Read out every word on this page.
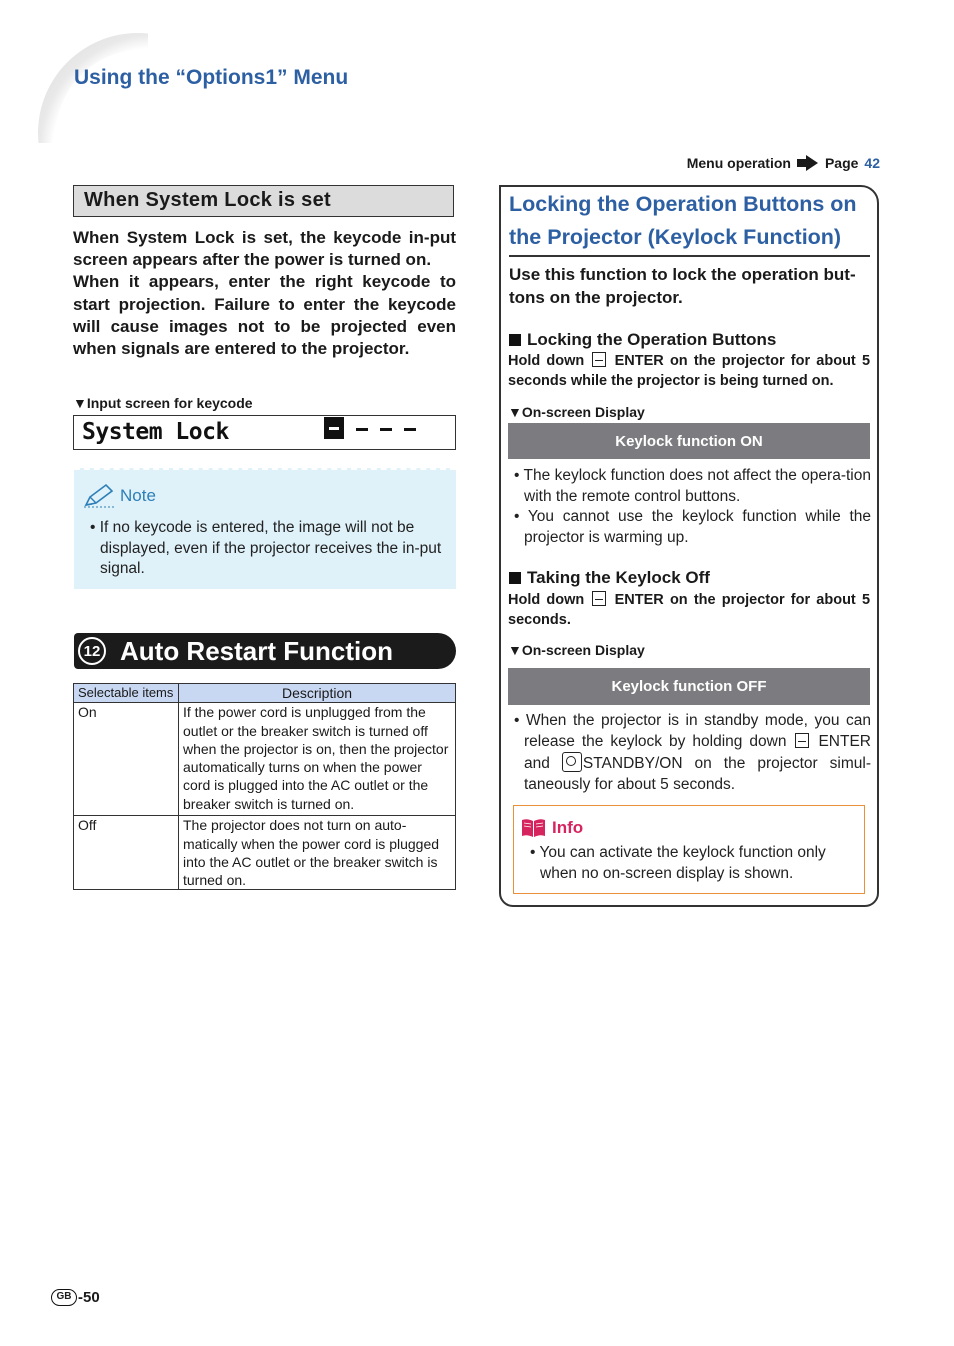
Using the “Options1” Menu
Menu operation Page 42
When System Lock is set
When System Lock is set, the keycode in-put screen appears after the power is turned on.
When it appears, enter the right keycode to start projection. Failure to enter the keycode will cause images not to be projected even when signals are entered to the projector.
▼Input screen for keycode
System Lock
Note
• If no keycode is entered, the image will not be displayed, even if the projector receives the in-put signal.
12 Auto Restart Function
Selectable items	Description
On	If the power cord is unplugged from the outlet or the breaker switch is turned off when the projector is on, then the projector automatically turns on when the power cord is plugged into the AC outlet or the breaker switch is turned on.
Off	The projector does not turn on auto-matically when the power cord is plugged into the AC outlet or the breaker switch is turned on.
Locking the Operation Buttons on the Projector (Keylock Function)
Use this function to lock the operation but-tons on the projector.
Locking the Operation Buttons
Hold down ENTER on the projector for about 5 seconds while the projector is being turned on.
▼On-screen Display
Keylock function ON
• The keylock function does not affect the opera-tion with the remote control buttons.
• You cannot use the keylock function while the projector is warming up.
Taking the Keylock Off
Hold down ENTER on the projector for about 5 seconds.
▼On-screen Display
Keylock function OFF
• When the projector is in standby mode, you can release the keylock by holding down ENTER and STANDBY/ON on the projector simul-taneously for about 5 seconds.
Info
• You can activate the keylock function only when no on-screen display is shown.
GB -50
